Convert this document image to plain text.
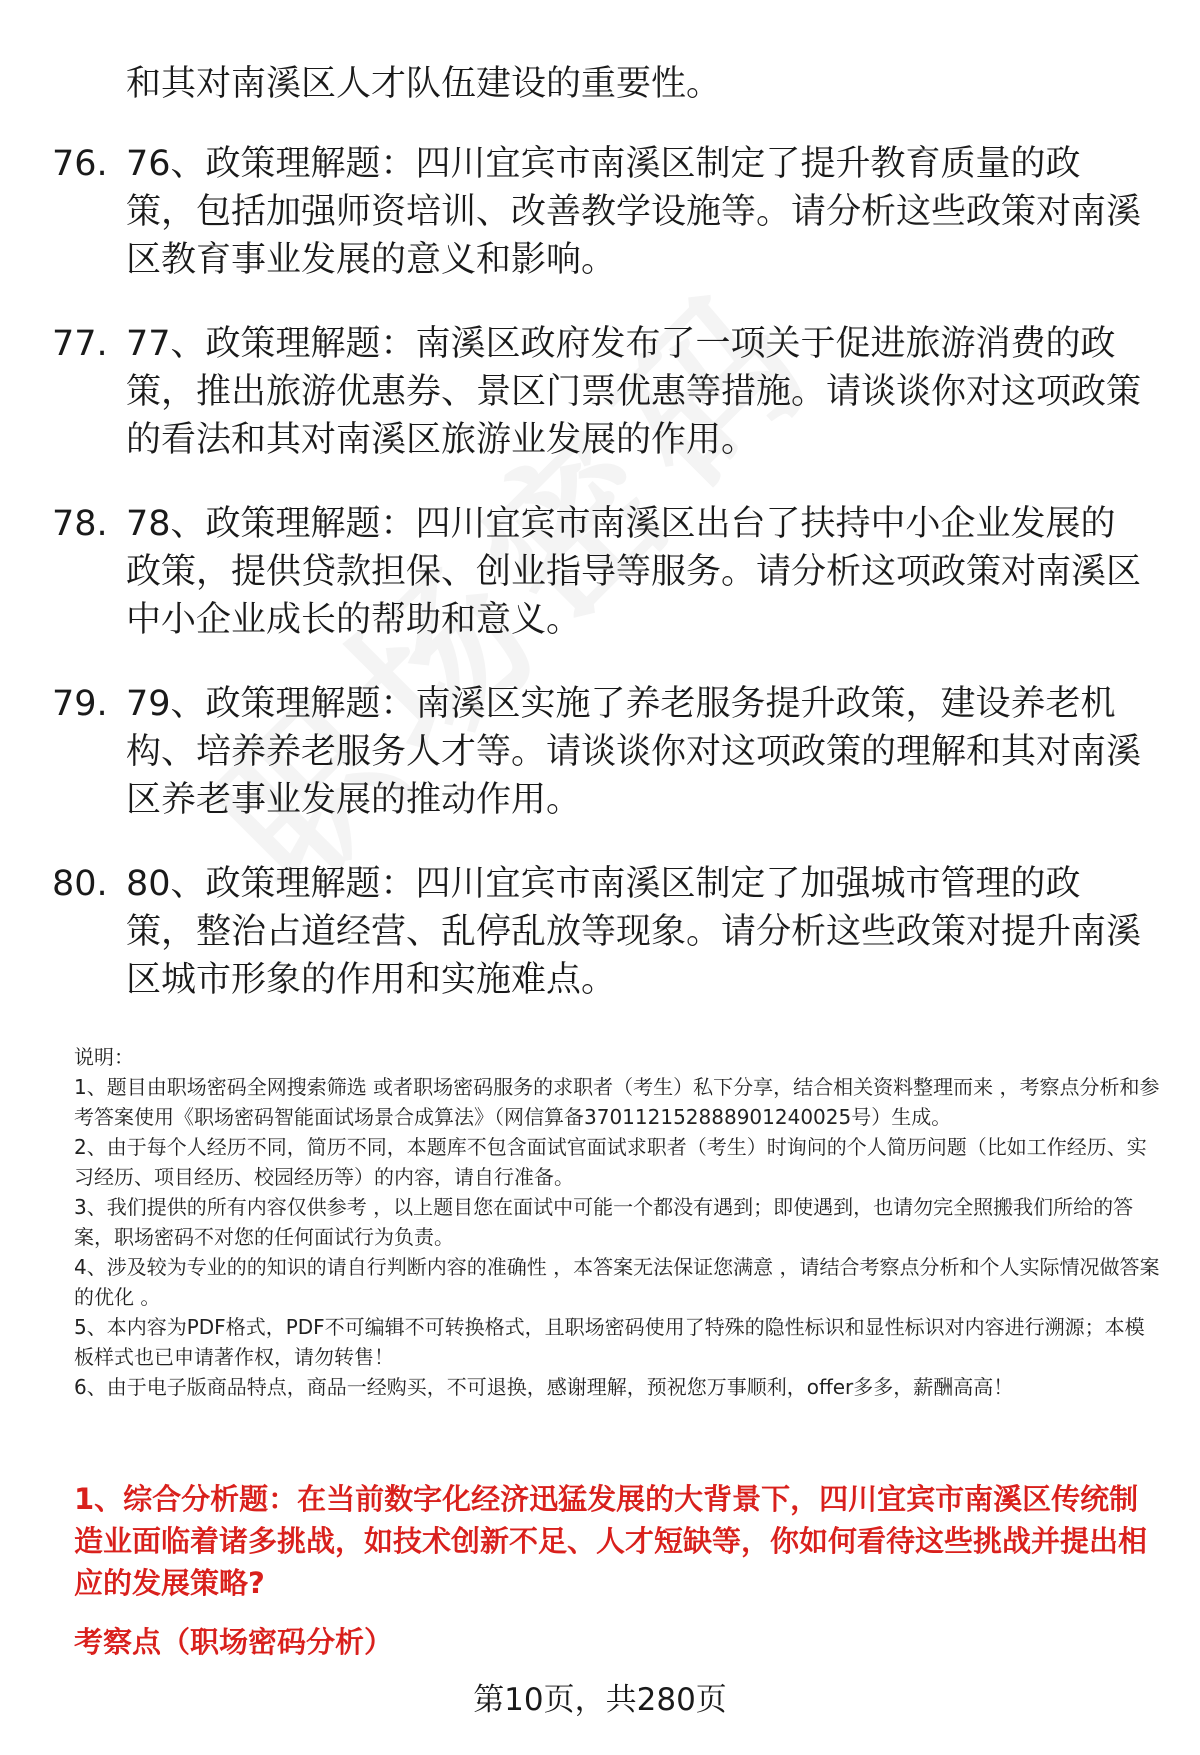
和其对南溪区人才队伍建设的重要性。
76. 76、政策理解题：四川宜宾市南溪区制定了提升教育质量的政策，包括加强师资培训、改善教学设施等。请分析这些政策对南溪区教育事业发展的意义和影响。
77. 77、政策理解题：南溪区政府发布了一项关于促进旅游消费的政策，推出旅游优惠券、景区门票优惠等措施。请谈谈你对这项政策的看法和其对南溪区旅游业发展的作用。
78. 78、政策理解题：四川宜宾市南溪区出台了扶持中小企业发展的政策，提供贷款担保、创业指导等服务。请分析这项政策对南溪区中小企业成长的帮助和意义。
79. 79、政策理解题：南溪区实施了养老服务提升政策，建设养老机构、培养养老服务人才等。请谈谈你对这项政策的理解和其对南溪区养老事业发展的推动作用。
80. 80、政策理解题：四川宜宾市南溪区制定了加强城市管理的政策，整治占道经营、乱停乱放等现象。请分析这些政策对提升南溪区城市形象的作用和实施难点。

说明：

1、题目由职场密码全网搜索筛选 或者职场密码服务的求职者（考生）私下分享，结合相关资料整理而来 ，考察点分析和参考答案使用《职场密码智能面试场景合成算法》（网信算备370112152888901240025号）生成。

2、由于每个人经历不同，简历不同，本题库不包含面试官面试求职者（考生）时询问的个人简历问题（比如工作经历、实习经历、项目经历、校园经历等）的内容，请自行准备。

3、我们提供的所有内容仅供参考 ，以上题目您在面试中可能一个都没有遇到；即使遇到，也请勿完全照搬我们所给的答案，职场密码不对您的任何面试行为负责。

4、涉及较为专业的的知识的请自行判断内容的准确性 ，本答案无法保证您满意 ，请结合考察点分析和个人实际情况做答案的优化 。

5、本内容为PDF格式，PDF不可编辑不可转换格式，且职场密码使用了特殊的隐性标识和显性标识对内容进行溯源；本模板样式也已申请著作权，请勿转售！

6、由于电子版商品特点，商品一经购买，不可退换，感谢理解，预祝您万事顺利，offer多多，薪酬高高！

1、综合分析题：在当前数字化经济迅猛发展的大背景下，四川宜宾市南溪区传统制造业面临着诸多挑战，如技术创新不足、人才短缺等，你如何看待这些挑战并提出相应的发展策略?
考察点（职场密码分析）
第10页，共280页
